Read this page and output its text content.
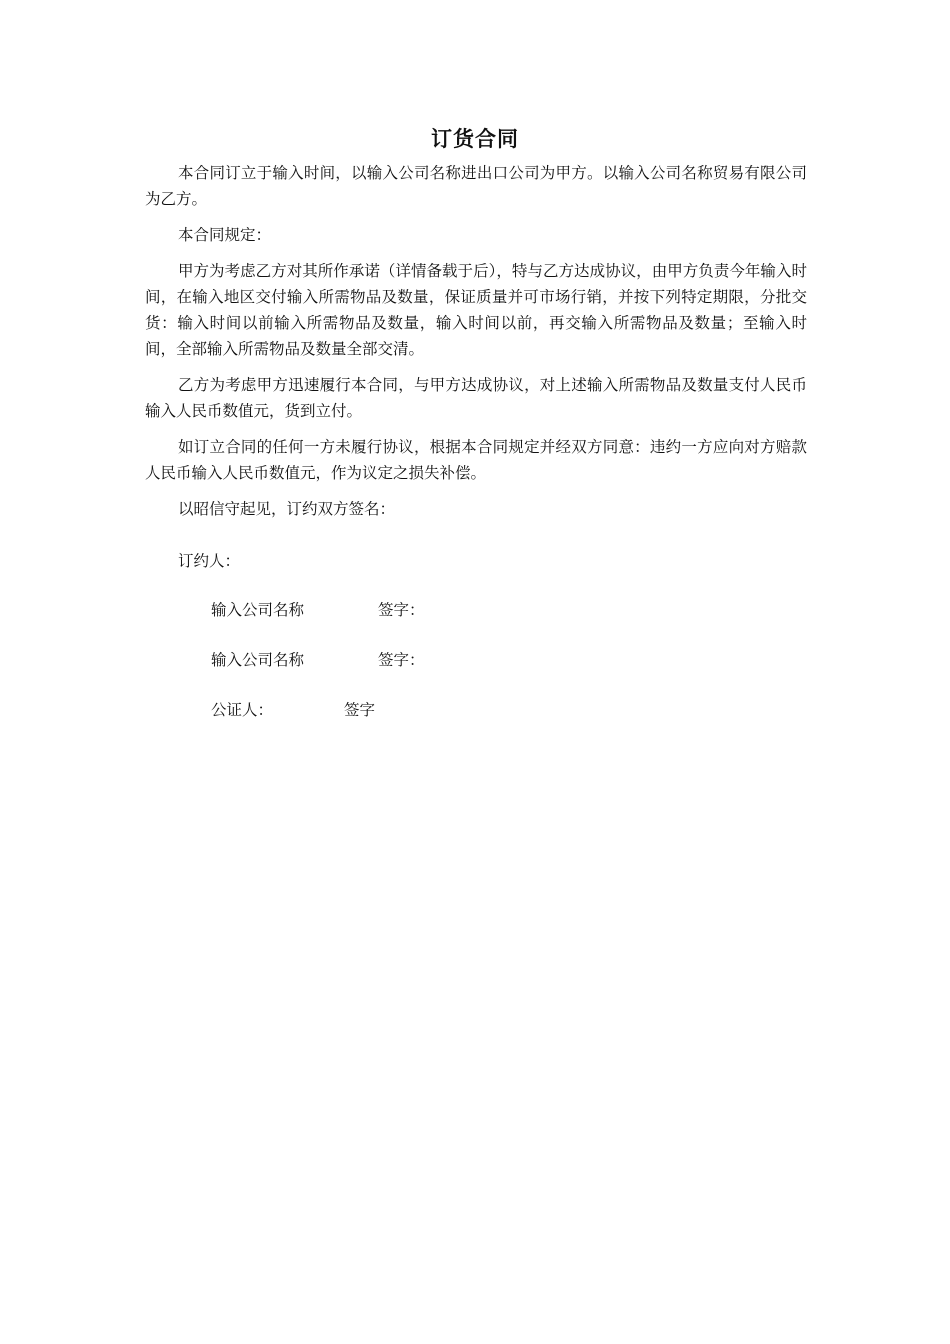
订货合同

本合同订立于输入时间，以输入公司名称进出口公司为甲方。以输入公司名称贸易有限公司为乙方。

本合同规定：

甲方为考虑乙方对其所作承诺（详情备载于后），特与乙方达成协议，由甲方负责今年输入时间，在输入地区交付输入所需物品及数量，保证质量并可市场行销，并按下列特定期限，分批交货：输入时间以前输入所需物品及数量，输入时间以前，再交输入所需物品及数量；至输入时间，全部输入所需物品及数量全部交清。

乙方为考虑甲方迅速履行本合同，与甲方达成协议，对上述输入所需物品及数量支付人民币输入人民币数值元，货到立付。

如订立合同的任何一方未履行协议，根据本合同规定并经双方同意：违约一方应向对方赔款人民币输入人民币数值元，作为议定之损失补偿。

以昭信守起见，订约双方签名：

订约人：
输入公司名称	签字：
输入公司名称	签字：
公证人：	签字
